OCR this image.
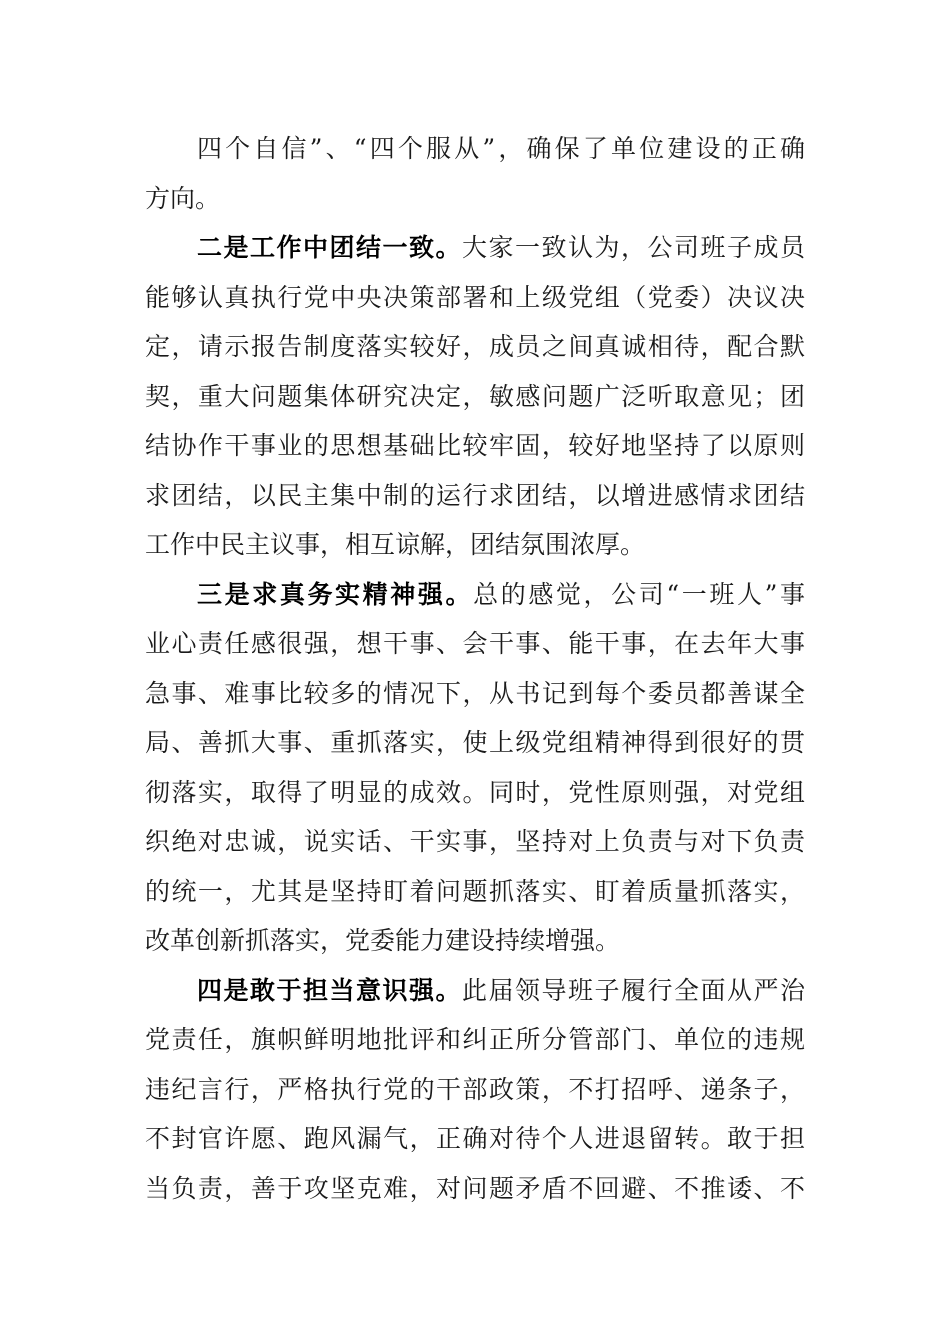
四个自信”、“四个服从”，确保了单位建设的正确
方向。
二是工作中团结一致。大家一致认为，公司班子成员
能够认真执行党中央决策部署和上级党组（党委）决议决
定，请示报告制度落实较好，成员之间真诚相待，配合默
契，重大问题集体研究决定，敏感问题广泛听取意见；团
结协作干事业的思想基础比较牢固，较好地坚持了以原则
求团结，以民主集中制的运行求团结，以增进感情求团结
工作中民主议事，相互谅解，团结氛围浓厚。
三是求真务实精神强。总的感觉，公司“一班人”事
业心责任感很强，想干事、会干事、能干事，在去年大事
急事、难事比较多的情况下，从书记到每个委员都善谋全
局、善抓大事、重抓落实，使上级党组精神得到很好的贯
彻落实，取得了明显的成效。同时，党性原则强，对党组
织绝对忠诚，说实话、干实事，坚持对上负责与对下负责
的统一，尤其是坚持盯着问题抓落实、盯着质量抓落实，
改革创新抓落实，党委能力建设持续增强。
四是敢于担当意识强。此届领导班子履行全面从严治
党责任，旗帜鲜明地批评和纠正所分管部门、单位的违规
违纪言行，严格执行党的干部政策，不打招呼、递条子，
不封官许愿、跑风漏气，正确对待个人进退留转。敢于担
当负责，善于攻坚克难，对问题矛盾不回避、不推诿、不
